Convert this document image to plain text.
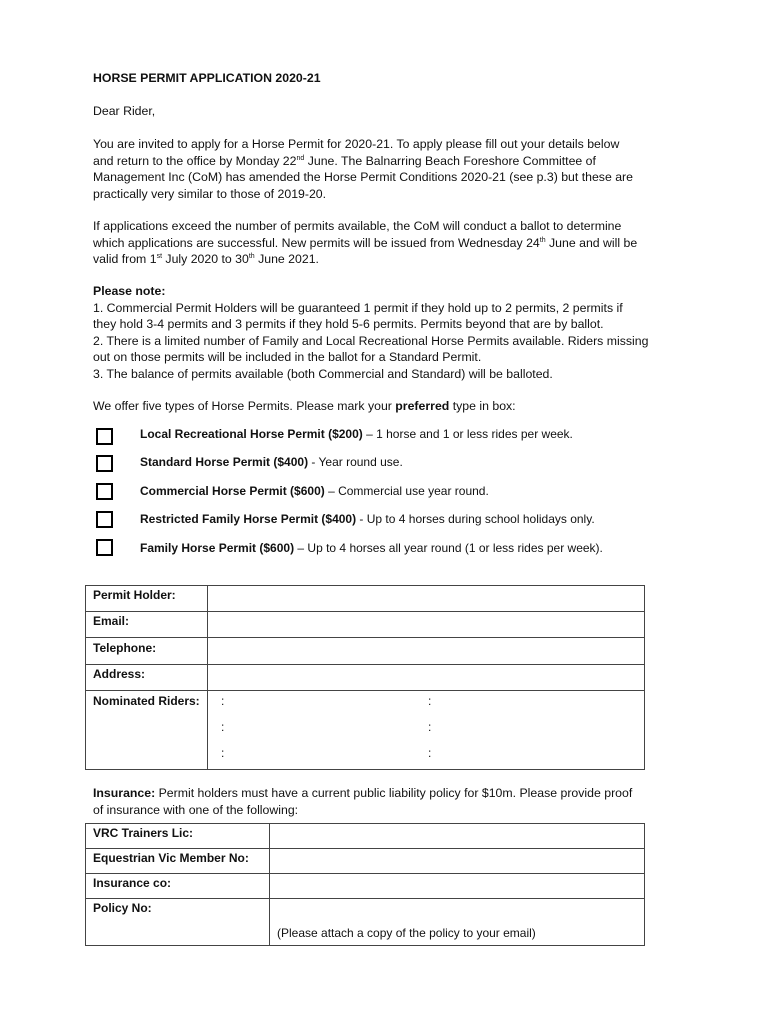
HORSE PERMIT APPLICATION 2020-21
Dear Rider,
You are invited to apply for a Horse Permit for 2020-21. To apply please fill out your details below
and return to the office by Monday 22nd June. The Balnarring Beach Foreshore Committee of
Management Inc (CoM) has amended the Horse Permit Conditions 2020-21 (see p.3) but these are
practically very similar to those of 2019-20.
If applications exceed the number of permits available, the CoM will conduct a ballot to determine
which applications are successful. New permits will be issued from Wednesday 24th June and will be
valid from 1st July 2020 to 30th June 2021.
Please note:
1. Commercial Permit Holders will be guaranteed 1 permit if they hold up to 2 permits, 2 permits if
they hold 3-4 permits and 3 permits if they hold 5-6 permits. Permits beyond that are by ballot.
2. There is a limited number of Family and Local Recreational Horse Permits available. Riders missing
out on those permits will be included in the ballot for a Standard Permit.
3. The balance of permits available (both Commercial and Standard) will be balloted.
We offer five types of Horse Permits. Please mark your preferred type in box:
Local Recreational Horse Permit ($200) – 1 horse and 1 or less rides per week.
Standard Horse Permit ($400) - Year round use.
Commercial Horse Permit ($600) – Commercial use year round.
Restricted Family Horse Permit ($400) - Up to 4 horses during school holidays only.
Family Horse Permit ($600) – Up to 4 horses all year round (1 or less rides per week).
Permit Holder:	
Email:	
Telephone:	
Address:	
Nominated Riders:	:	:
:	:
:	:
Insurance: Permit holders must have a current public liability policy for $10m. Please provide proof
of insurance with one of the following:
VRC Trainers Lic:	
Equestrian Vic Member No:	
Insurance co:	
Policy No:	(Please attach a copy of the policy to your email)
